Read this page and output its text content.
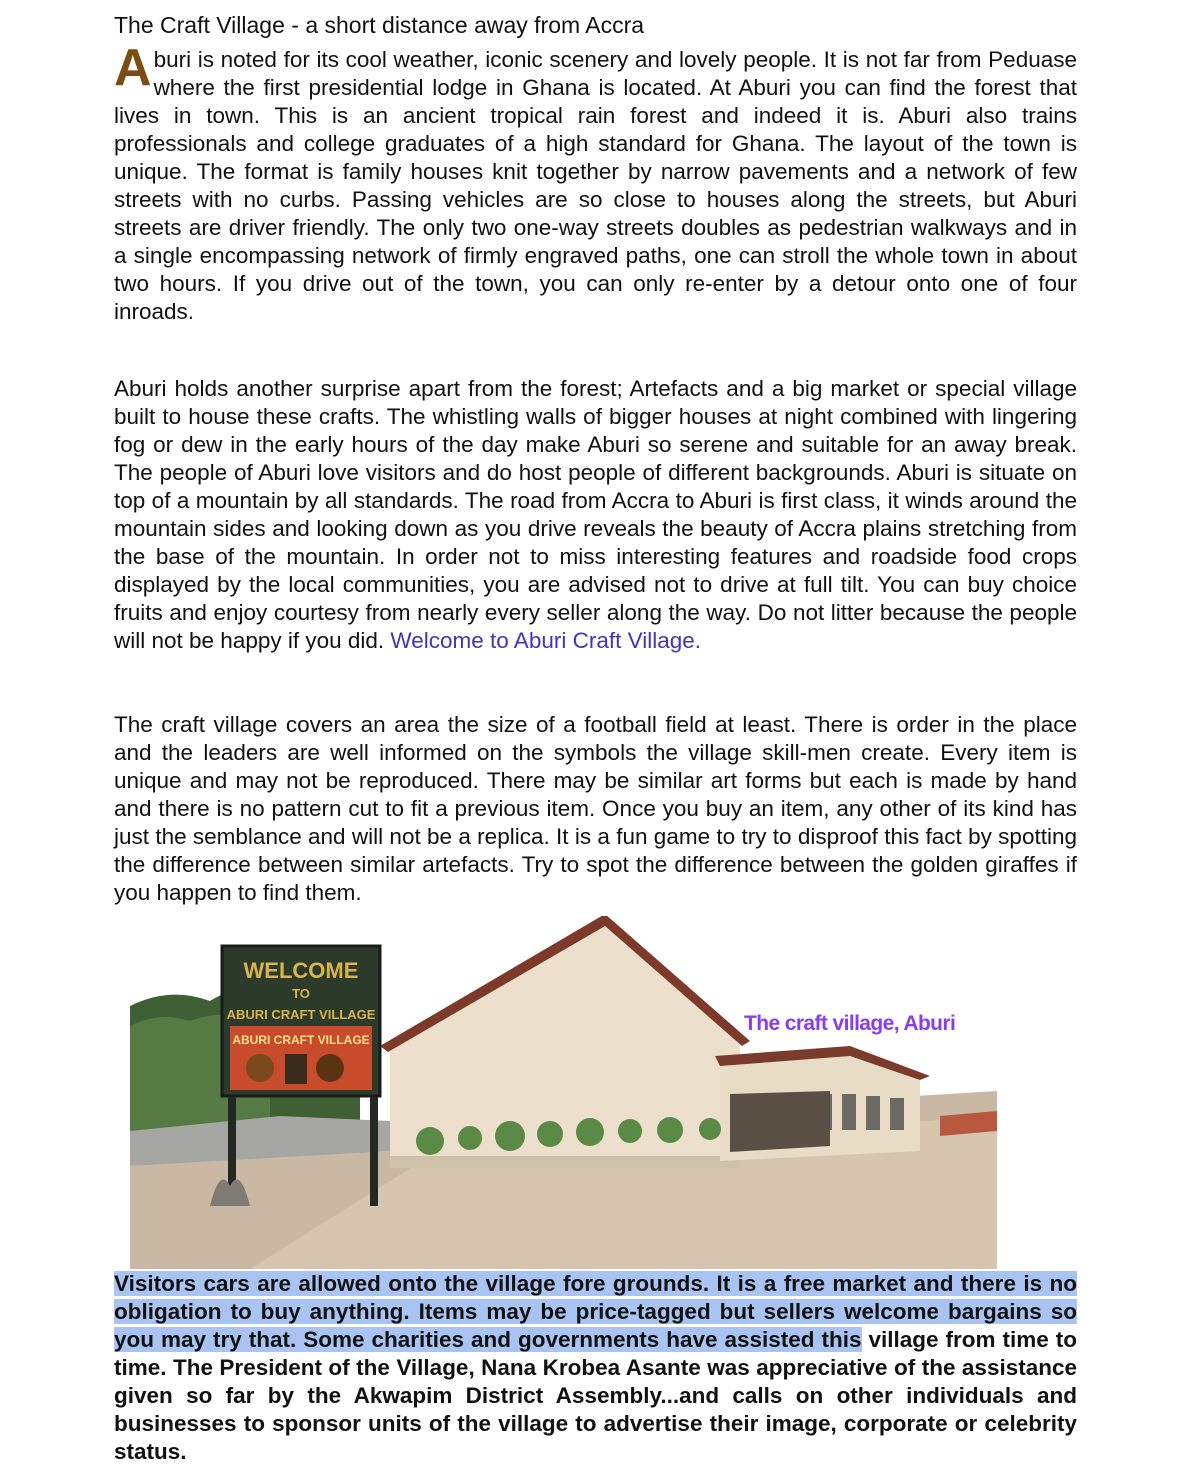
The Craft Village - a short distance away from Accra

Aburi is noted for its cool weather, iconic scenery and lovely people. It is not far from Peduase where the first presidential lodge in Ghana is located. At Aburi you can find the forest that lives in town. This is an ancient tropical rain forest and indeed it is. Aburi also trains professionals and college graduates of a high standard for Ghana. The layout of the town is unique. The format is family houses knit together by narrow pavements and a network of few streets with no curbs. Passing vehicles are so close to houses along the streets, but Aburi streets are driver friendly. The only two one-way streets doubles as pedestrian walkways and in a single encompassing network of firmly engraved paths, one can stroll the whole town in about two hours. If you drive out of the town, you can only re-enter by a detour onto one of four inroads.

Aburi holds another surprise apart from the forest; Artefacts and a big market or special village built to house these crafts. The whistling walls of bigger houses at night combined with lingering fog or dew in the early hours of the day make Aburi so serene and suitable for an away break. The people of Aburi love visitors and do host people of different backgrounds. Aburi is situate on top of a mountain by all standards. The road from Accra to Aburi is first class, it winds around the mountain sides and looking down as you drive reveals the beauty of Accra plains stretching from the base of the mountain. In order not to miss interesting features and roadside food crops displayed by the local communities, you are advised not to drive at full tilt. You can buy choice fruits and enjoy courtesy from nearly every seller along the way. Do not litter because the people will not be happy if you did. Welcome to Aburi Craft Village.

The craft village covers an area the size of a football field at least. There is order in the place and the leaders are well informed on the symbols the village skill-men create. Every item is unique and may not be reproduced. There may be similar art forms but each is made by hand and there is no pattern cut to fit a previous item. Once you buy an item, any other of its kind has just the semblance and will not be a replica. It is a fun game to try to disproof this fact by spotting the difference between similar artefacts. Try to spot the difference between the golden giraffes if you happen to find them.

WELCOME
TO
ABURI CRAFT VILLAGE
ABURI CRAFT VILLAGE
The craft village, Aburi

Visitors cars are allowed onto the village fore grounds. It is a free market and there is no obligation to buy anything. Items may be price-tagged but sellers welcome bargains so you may try that. Some charities and governments have assisted this village from time to time. The President of the Village, Nana Krobea Asante was appreciative of the assistance given so far by the Akwapim District Assembly...and calls on other individuals and businesses to sponsor units of the village to advertise their image, corporate or celebrity status.
